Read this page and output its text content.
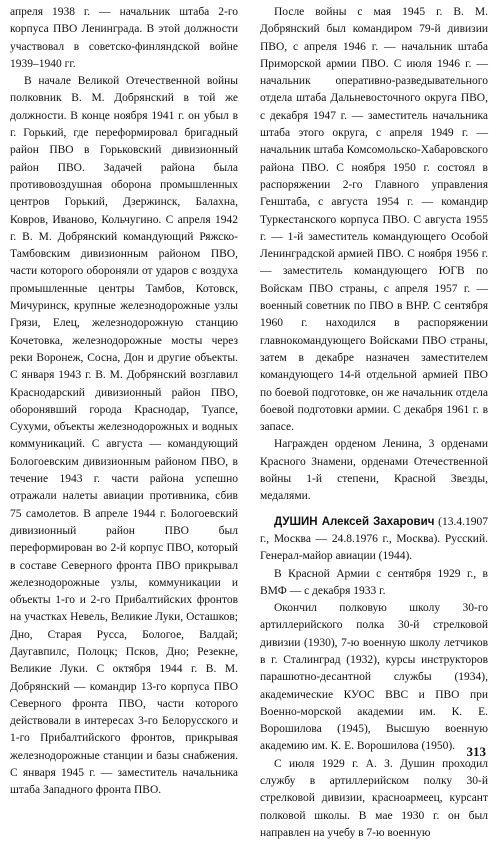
апреля 1938 г. — начальник штаба 2-го корпуса ПВО Ленинграда. В этой должности участвовал в советско-финляндской войне 1939–1940 гг.

В начале Великой Отечественной войны полковник В. М. Добрянский в той же должности. В конце ноября 1941 г. он убыл в г. Горький, где переформировал бригадный район ПВО в Горьковский дивизионный район ПВО. Задачей района была противовоздушная оборона промышленных центров Горький, Дзержинск, Балахна, Ковров, Иваново, Кольчугино. С апреля 1942 г. В. М. Добрянский командующий Ряжско-Тамбовским дивизионным районом ПВО, части которого обороняли от ударов с воздуха промышленные центры Тамбов, Котовск, Мичуринск, крупные железнодорожные узлы Грязи, Елец, железнодорожную станцию Кочетовка, железнодорожные мосты через реки Воронеж, Сосна, Дон и другие объекты. С января 1943 г. В. М. Добрянский возглавил Краснодарский дивизионный район ПВО, оборонявший города Краснодар, Туапсе, Сухуми, объекты железнодорожных и водных коммуникаций. С августа — командующий Бологоевским дивизионным районом ПВО, в течение 1943 г. части района успешно отражали налеты авиации противника, сбив 75 самолетов. В апреле 1944 г. Бологоевский дивизионный район ПВО был переформирован во 2-й корпус ПВО, который в составе Северного фронта ПВО прикрывал железнодорожные узлы, коммуникации и объекты 1-го и 2-го Прибалтийских фронтов на участках Невель, Великие Луки, Осташков; Дно, Старая Русса, Бологое, Валдай; Даугавпилс, Полоцк; Псков, Дно; Резекне, Великие Луки. С октября 1944 г. В. М. Добрянский — командир 13-го корпуса ПВО Северного фронта ПВО, части которого действовали в интересах 3-го Белорусского и 1-го Прибалтийского фронтов, прикрывая железнодорожные станции и базы снабжения. С января 1945 г. — заместитель начальника штаба Западного фронта ПВО.

После войны с мая 1945 г. В. М. Добрянский был командиром 79-й дивизии ПВО, с апреля 1946 г. — начальник штаба Приморской армии ПВО. С июля 1946 г. — начальник оперативно-разведывательного отдела штаба Дальневосточного округа ПВО, с декабря 1947 г. — заместитель начальника штаба этого округа, с апреля 1949 г. — начальник штаба Комсомольско-Хабаровского района ПВО. С ноября 1950 г. состоял в распоряжении 2-го Главного управления Генштаба, с августа 1954 г. — командир Туркестанского корпуса ПВО. С августа 1955 г. — 1-й заместитель командующего Особой Ленинградской армией ПВО. С ноября 1956 г. — заместитель командующего ЮГВ по Войскам ПВО страны, с апреля 1957 г. — военный советник по ПВО в ВНР. С сентября 1960 г. находился в распоряжении главнокомандующего Войсками ПВО страны, затем в декабре назначен заместителем командующего 14-й отдельной армией ПВО по боевой подготовке, он же начальник отдела боевой подготовки армии. С декабря 1961 г. в запасе.

Награжден орденом Ленина, 3 орденами Красного Знамени, орденами Отечественной войны 1-й степени, Красной Звезды, медалями.

ДУШИН Алексей Захарович (13.4.1907 г., Москва — 24.8.1976 г., Москва). Русский. Генерал-майор авиации (1944).

В Красной Армии с сентября 1929 г., в ВМФ — с декабря 1933 г.

Окончил полковую школу 30-го артиллерийского полка 30-й стрелковой дивизии (1930), 7-ю военную школу летчиков в г. Сталинград (1932), курсы инструкторов парашютно-десантной службы (1934), академические КУОС ВВС и ПВО при Военно-морской академии им. К. Е. Ворошилова (1945), Высшую военную академию им. К. Е. Ворошилова (1950).

С июля 1929 г. А. З. Душин проходил службу в артиллерийском полку 30-й стрелковой дивизии, красноармеец, курсант полковой школы. В мае 1930 г. он был направлен на учебу в 7-ю военную

313
